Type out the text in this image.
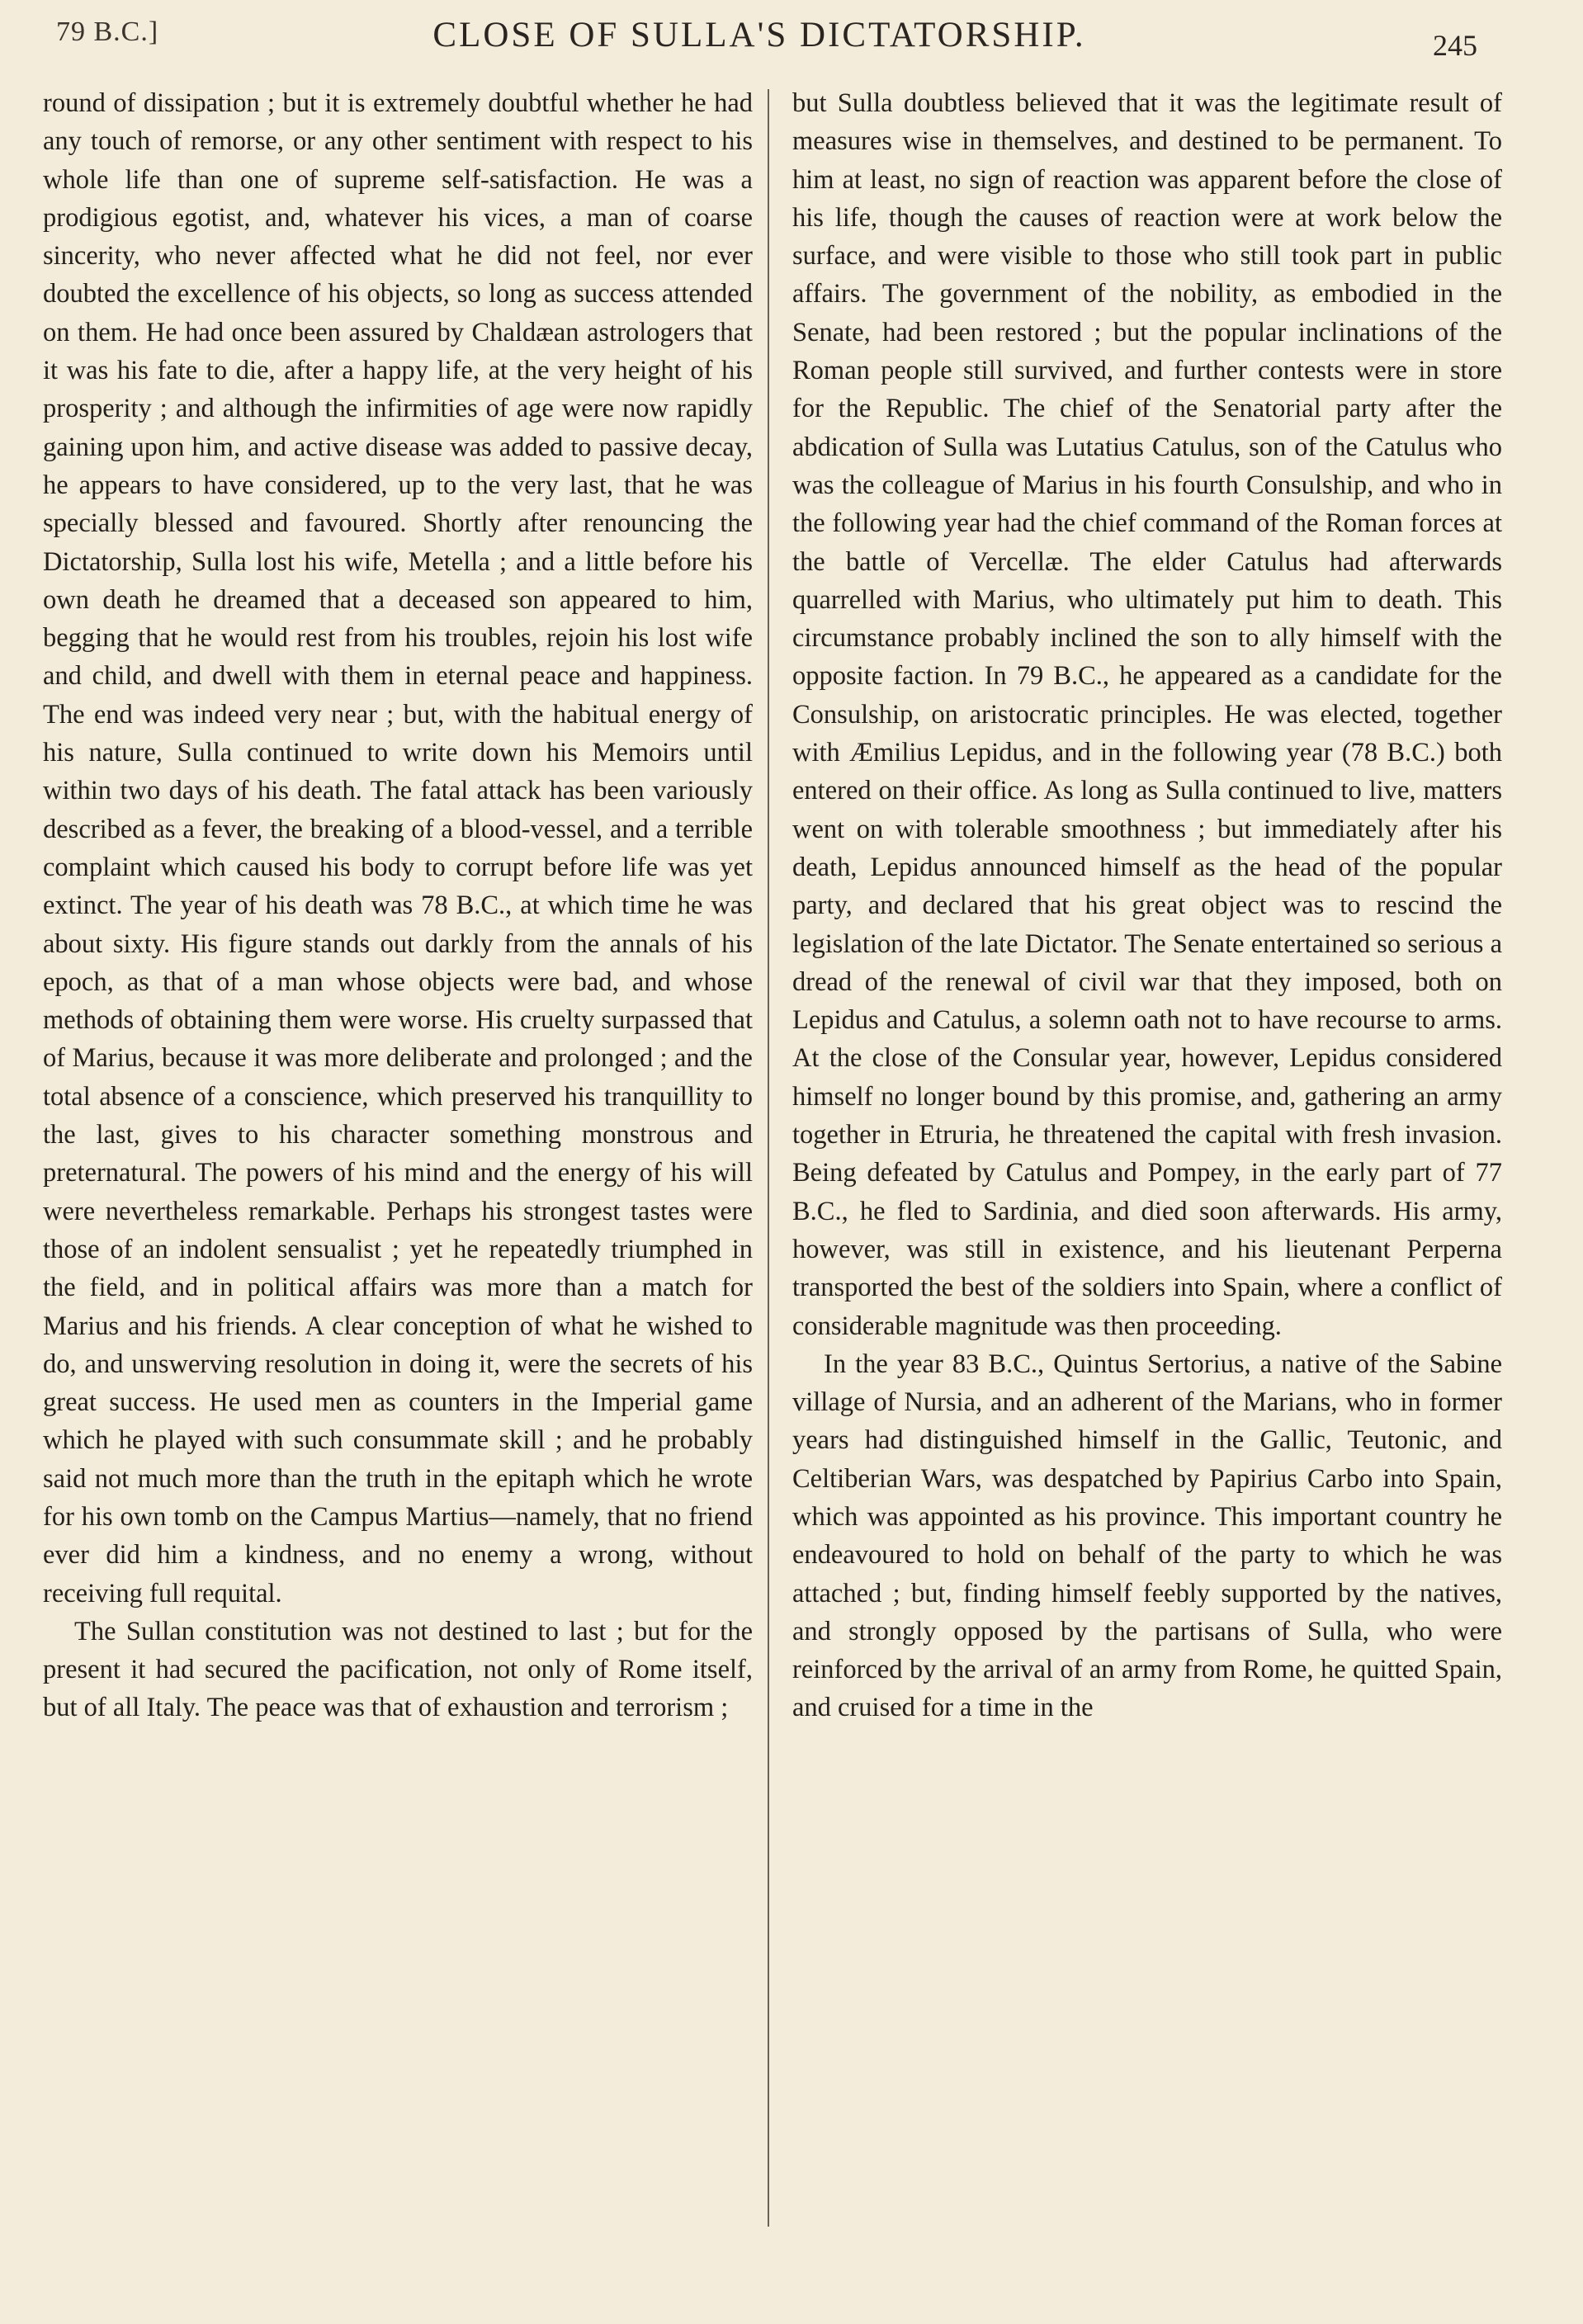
79 B.C.]	CLOSE OF SULLA'S DICTATORSHIP.	245

round of dissipation ; but it is extremely doubtful whether he had any touch of remorse, or any other sentiment with respect to his whole life than one of supreme self-satisfaction. He was a prodigious egotist, and, whatever his vices, a man of coarse sincerity, who never affected what he did not feel, nor ever doubted the excellence of his objects, so long as success attended on them. He had once been assured by Chaldæan astrologers that it was his fate to die, after a happy life, at the very height of his prosperity ; and although the infirmities of age were now rapidly gaining upon him, and active disease was added to passive decay, he appears to have considered, up to the very last, that he was specially blessed and favoured. Shortly after renouncing the Dictatorship, Sulla lost his wife, Metella ; and a little before his own death he dreamed that a deceased son appeared to him, begging that he would rest from his troubles, rejoin his lost wife and child, and dwell with them in eternal peace and happiness. The end was indeed very near ; but, with the habitual energy of his nature, Sulla continued to write down his Memoirs until within two days of his death. The fatal attack has been variously described as a fever, the breaking of a blood-vessel, and a terrible complaint which caused his body to corrupt before life was yet extinct. The year of his death was 78 B.C., at which time he was about sixty. His figure stands out darkly from the annals of his epoch, as that of a man whose objects were bad, and whose methods of obtaining them were worse. His cruelty surpassed that of Marius, because it was more deliberate and prolonged ; and the total absence of a conscience, which preserved his tranquillity to the last, gives to his character something monstrous and preternatural. The powers of his mind and the energy of his will were nevertheless remarkable. Perhaps his strongest tastes were those of an indolent sensualist ; yet he repeatedly triumphed in the field, and in political affairs was more than a match for Marius and his friends. A clear conception of what he wished to do, and unswerving resolution in doing it, were the secrets of his great success. He used men as counters in the Imperial game which he played with such consummate skill ; and he probably said not much more than the truth in the epitaph which he wrote for his own tomb on the Campus Martius—namely, that no friend ever did him a kindness, and no enemy a wrong, without receiving full requital.

The Sullan constitution was not destined to last ; but for the present it had secured the pacification, not only of Rome itself, but of all Italy. The peace was that of exhaustion and terrorism ;

but Sulla doubtless believed that it was the legitimate result of measures wise in themselves, and destined to be permanent. To him at least, no sign of reaction was apparent before the close of his life, though the causes of reaction were at work below the surface, and were visible to those who still took part in public affairs. The government of the nobility, as embodied in the Senate, had been restored ; but the popular inclinations of the Roman people still survived, and further contests were in store for the Republic. The chief of the Senatorial party after the abdication of Sulla was Lutatius Catulus, son of the Catulus who was the colleague of Marius in his fourth Consulship, and who in the following year had the chief command of the Roman forces at the battle of Vercellæ. The elder Catulus had afterwards quarrelled with Marius, who ultimately put him to death. This circumstance probably inclined the son to ally himself with the opposite faction. In 79 B.C., he appeared as a candidate for the Consulship, on aristocratic principles. He was elected, together with Æmilius Lepidus, and in the following year (78 B.C.) both entered on their office. As long as Sulla continued to live, matters went on with tolerable smoothness ; but immediately after his death, Lepidus announced himself as the head of the popular party, and declared that his great object was to rescind the legislation of the late Dictator. The Senate entertained so serious a dread of the renewal of civil war that they imposed, both on Lepidus and Catulus, a solemn oath not to have recourse to arms. At the close of the Consular year, however, Lepidus considered himself no longer bound by this promise, and, gathering an army together in Etruria, he threatened the capital with fresh invasion. Being defeated by Catulus and Pompey, in the early part of 77 B.C., he fled to Sardinia, and died soon afterwards. His army, however, was still in existence, and his lieutenant Perperna transported the best of the soldiers into Spain, where a conflict of considerable magnitude was then proceeding.

In the year 83 B.C., Quintus Sertorius, a native of the Sabine village of Nursia, and an adherent of the Marians, who in former years had distinguished himself in the Gallic, Teutonic, and Celtiberian Wars, was despatched by Papirius Carbo into Spain, which was appointed as his province. This important country he endeavoured to hold on behalf of the party to which he was attached ; but, finding himself feebly supported by the natives, and strongly opposed by the partisans of Sulla, who were reinforced by the arrival of an army from Rome, he quitted Spain, and cruised for a time in the
